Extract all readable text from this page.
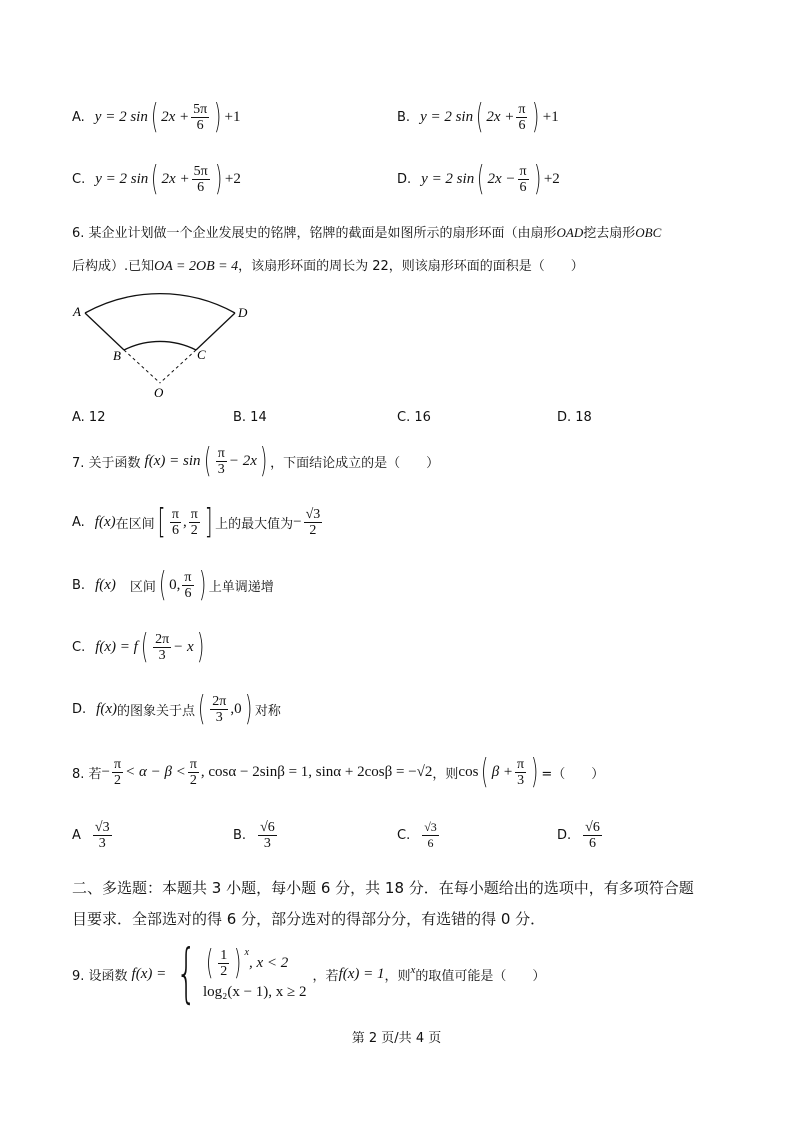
A. y = 2 sin ( $2x + \frac{5\pi}{6}$ ) +1	B. y = 2 sin ( $2x + \frac{\pi}{6}$ ) +1
C. y = 2 sin ( $2x + \frac{5\pi}{6}$ ) +2	D. y = 2 sin ( $2x - \frac{\pi}{6}$ ) +2
6. 某企业计划做一个企业发展史的铭牌，铭牌的截面是如图所示的扇形环面（由扇形OAD挖去扇形OBC
后构成）.已知OA = 2OB = 4，该扇形环面的周长为 22，则该扇形环面的面积是（　　）
A	D
B	C
O
A. 12	B. 14	C. 16	D. 18
7. 关于函数 f(x) = sin ( $\frac{\pi}{3} - 2x$ ) ，下面结论成立的是（　　）
A. f(x) 在区间 [ $\frac{\pi}{6}$ , $\frac{\pi}{2}$ ] 上的最大值为 − $\frac{√3}{2}$
B. f(x) 区间 ( 0, $\frac{\pi}{6}$ ) 上单调递增
C. f(x) = f ( $\frac{2\pi}{3} - x$ )
D. f(x) 的图象关于点 ( $\frac{2\pi}{3} ,0$ ) 对称
8. 若 − $\frac{\pi}{2} < \alpha - \beta < \frac{\pi}{2}$ , cosα − 2sinβ = 1, sinα + 2cosβ = −√2 ，则 cos ( $\beta + \frac{\pi}{3}$ ) =（　　）
A $\frac{√3}{3}$	B. $\frac{√6}{3}$	C. $\frac{√3}{6}$	D. $\frac{√6}{6}$
二、多选题：本题共 3 小题，每小题 6 分，共 18 分．在每小题给出的选项中，有多项符合题
目要求．全部选对的得 6 分，部分选对的得部分分，有选错的得 0 分．
9. 设函数 f(x) = { ( $\frac{1}{2}$ ) x
, x < 2
log₂(x − 1), x ≥ 2
，若 f(x) = 1 ，则 x 的取值可能是（　　）
第 2 页/共 4 页
